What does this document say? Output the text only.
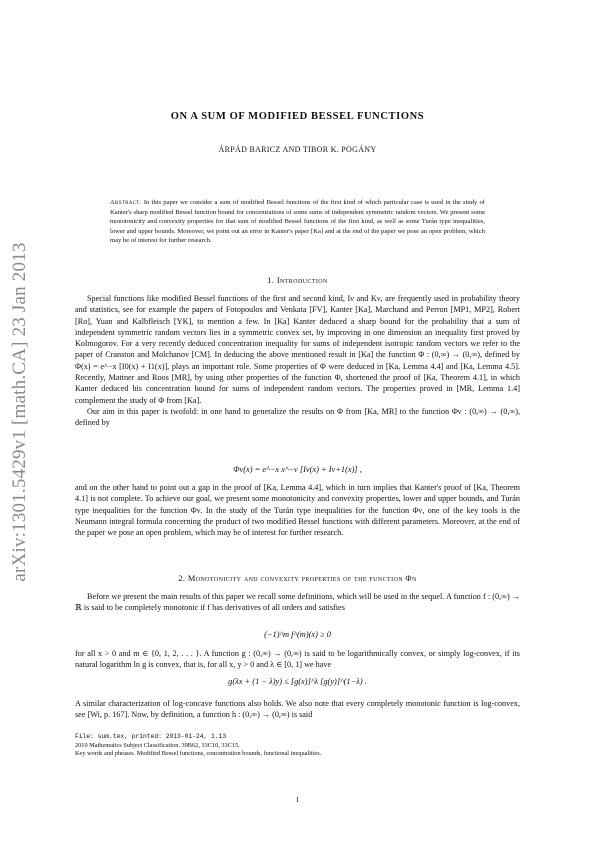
arXiv:1301.5429v1 [math.CA] 23 Jan 2013
ON A SUM OF MODIFIED BESSEL FUNCTIONS
ÁRPÁD BARICZ AND TIBOR K. POGÁNY
Abstract. In this paper we consider a sum of modified Bessel functions of the first kind of which particular case is used in the study of Kanter's sharp modified Bessel function bound for concentrations of some sums of independent symmetric random vectors. We present some monotonicity and convexity properties for that sum of modified Bessel functions of the first kind, as well as some Turán type inequalities, lower and upper bounds. Moreover, we point out an error in Kanter's paper [Ka] and at the end of the paper we pose an open problem, which may be of interest for further research.
1. Introduction

Special functions like modified Bessel functions of the first and second kind, Iν and Kν, are frequently used in probability theory and statistics, see for example the papers of Fotopoulos and Venkata [FV], Kanter [Ka], Marchand and Perron [MP1, MP2], Robert [Ro], Yuan and Kalbfleisch [YK], to mention a few. In [Ka] Kanter deduced a sharp bound for the probability that a sum of independent symmetric random vectors lies in a symmetric convex set, by improving in one dimension an inequality first proved by Kolmogorov. For a very recently deduced concentration inequality for sums of independent isotropic random vectors we refer to the paper of Cranston and Molchanov [CM]. In deducing the above mentioned result in [Ka] the function Φ : (0,∞) → (0,∞), defined by Φ(x) = e^−x [I0(x) + I1(x)], plays an important role. Some properties of Φ were deduced in [Ka, Lemma 4.4] and [Ka, Lemma 4.5]. Recently, Mattner and Roos [MR], by using other properties of the function Φ, shortened the proof of [Ka, Theorem 4.1], in which Kanter deduced his concentration bound for sums of independent random vectors. The properties proved in [MR, Lemma 1.4] complement the study of Φ from [Ka].

Our aim in this paper is twofold: in one hand to generalize the results on Φ from [Ka, MR] to the function Φν : (0,∞) → (0,∞), defined by

Φν(x) = e^−x x^−ν [Iν(x) + Iν+1(x)] ,

and on the other hand to point out a gap in the proof of [Ka, Lemma 4.4], which in turn implies that Kanter's proof of [Ka, Theorem 4.1] is not complete. To achieve our goal, we present some monotonicity and convexity properties, lower and upper bounds, and Turán type inequalities for the function Φν. In the study of the Turán type inequalities for the function Φν, one of the key tools is the Neumann integral formula concerning the product of two modified Bessel functions with different parameters. Moreover, at the end of the paper we pose an open problem, which may be of interest for further research.

2. Monotonicity and convexity properties of the function Φν

Before we present the main results of this paper we recall some definitions, which will be used in the sequel. A function f : (0,∞) → ℝ is said to be completely monotonic if f has derivatives of all orders and satisfies

(−1)^m f^(m)(x) ≥ 0

for all x > 0 and m ∈ {0, 1, 2, . . . }. A function g : (0,∞) → (0,∞) is said to be logarithmically convex, or simply log-convex, if its natural logarithm ln g is convex, that is, for all x, y > 0 and λ ∈ [0, 1] we have

g(λx + (1 − λ)y) ≤ [g(x)]^λ [g(y)]^(1−λ) .

A similar characterization of log-concave functions also holds. We also note that every completely monotonic function is log-convex, see [Wi, p. 167]. Now, by definition, a function h : (0,∞) → (0,∞) is said

File: sum.tex, printed: 2013-01-24, 1.13
2010 Mathematics Subject Classification. 39B62, 33C10, 33C15.
Key words and phrases. Modified Bessel functions, concentration bounds, functional inequalities.
1
